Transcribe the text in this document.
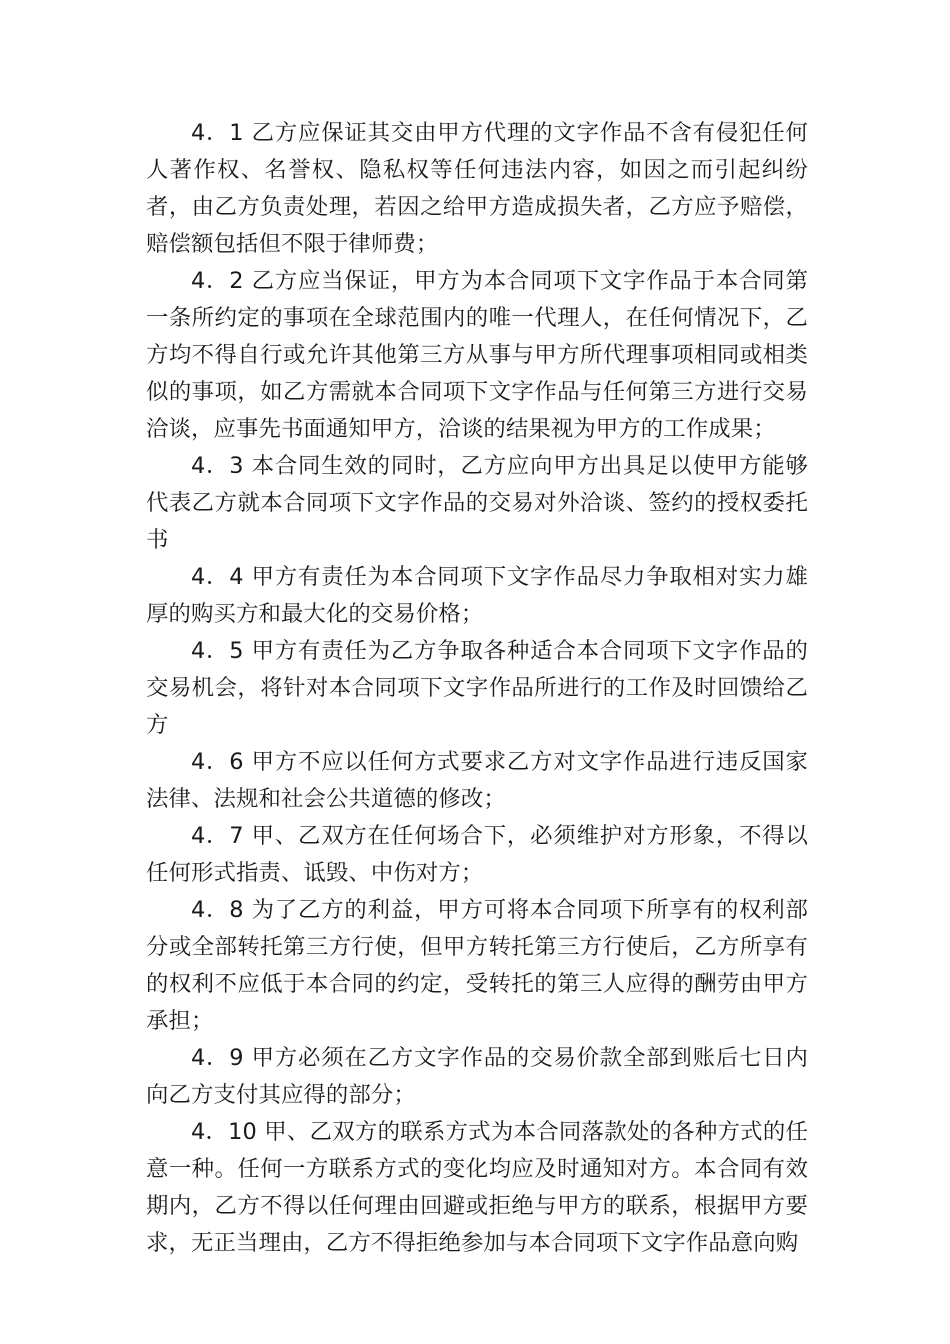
4．1 乙方应保证其交由甲方代理的文字作品不含有侵犯任何人著作权、名誉权、隐私权等任何违法内容，如因之而引起纠纷者，由乙方负责处理，若因之给甲方造成损失者，乙方应予赔偿，赔偿额包括但不限于律师费；

4．2 乙方应当保证，甲方为本合同项下文字作品于本合同第一条所约定的事项在全球范围内的唯一代理人，在任何情况下，乙方均不得自行或允许其他第三方从事与甲方所代理事项相同或相类似的事项，如乙方需就本合同项下文字作品与任何第三方进行交易洽谈，应事先书面通知甲方，洽谈的结果视为甲方的工作成果；

4．3 本合同生效的同时，乙方应向甲方出具足以使甲方能够代表乙方就本合同项下文字作品的交易对外洽谈、签约的授权委托书

4．4 甲方有责任为本合同项下文字作品尽力争取相对实力雄厚的购买方和最大化的交易价格；

4．5 甲方有责任为乙方争取各种适合本合同项下文字作品的交易机会，将针对本合同项下文字作品所进行的工作及时回馈给乙方

4．6 甲方不应以任何方式要求乙方对文字作品进行违反国家法律、法规和社会公共道德的修改；

4．7 甲、乙双方在任何场合下，必须维护对方形象，不得以任何形式指责、诋毁、中伤对方；

4．8 为了乙方的利益，甲方可将本合同项下所享有的权利部分或全部转托第三方行使，但甲方转托第三方行使后，乙方所享有的权利不应低于本合同的约定，受转托的第三人应得的酬劳由甲方承担；

4．9 甲方必须在乙方文字作品的交易价款全部到账后七日内向乙方支付其应得的部分；

4．10 甲、乙双方的联系方式为本合同落款处的各种方式的任意一种。任何一方联系方式的变化均应及时通知对方。本合同有效期内，乙方不得以任何理由回避或拒绝与甲方的联系，根据甲方要求，无正当理由，乙方不得拒绝参加与本合同项下文字作品意向购
